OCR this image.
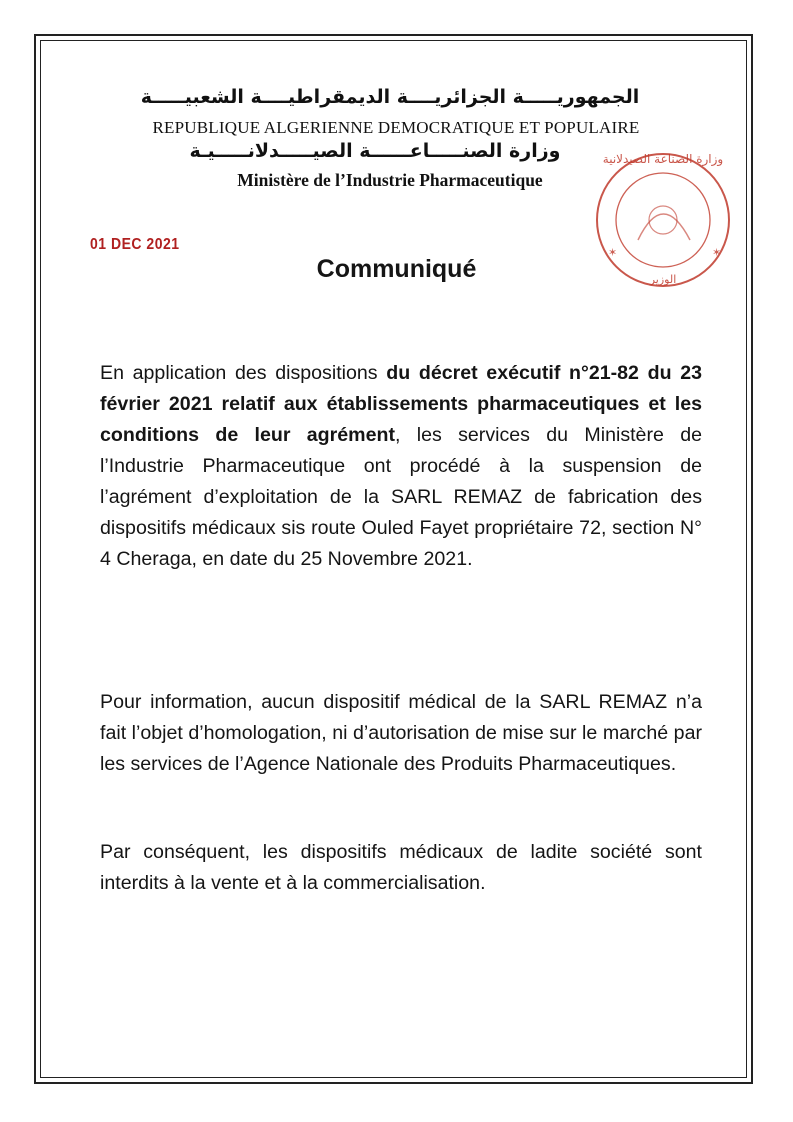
الجمهوريـــــة الجزائريــــة الديمقراطيــــة الشعبيـــــة
REPUBLIQUE ALGERIENNE DEMOCRATIQUE ET POPULAIRE
وزارة الصنـــــاعــــــة الصيـــــدلانـــــيـة
Ministère de l’Industrie Pharmaceutique
وزارة الصناعة الصيدلانية
الوزير
✶	✶
01 DEC 2021
Communiqué
En application des dispositions du décret exécutif n°21-82 du 23 février 2021 relatif aux établissements pharmaceutiques et les conditions de leur agrément, les services du Ministère de l’Industrie Pharmaceutique ont procédé à la suspension de l’agrément d’exploitation de la SARL REMAZ de fabrication des dispositifs médicaux sis route Ouled Fayet propriétaire 72, section N° 4 Cheraga, en date du 25 Novembre 2021.
Pour information, aucun dispositif médical de la SARL REMAZ n’a fait l’objet d’homologation, ni d’autorisation de mise sur le marché par les services de l’Agence Nationale des Produits Pharmaceutiques.
Par conséquent, les dispositifs médicaux de ladite société sont interdits à la vente et à la commercialisation.
